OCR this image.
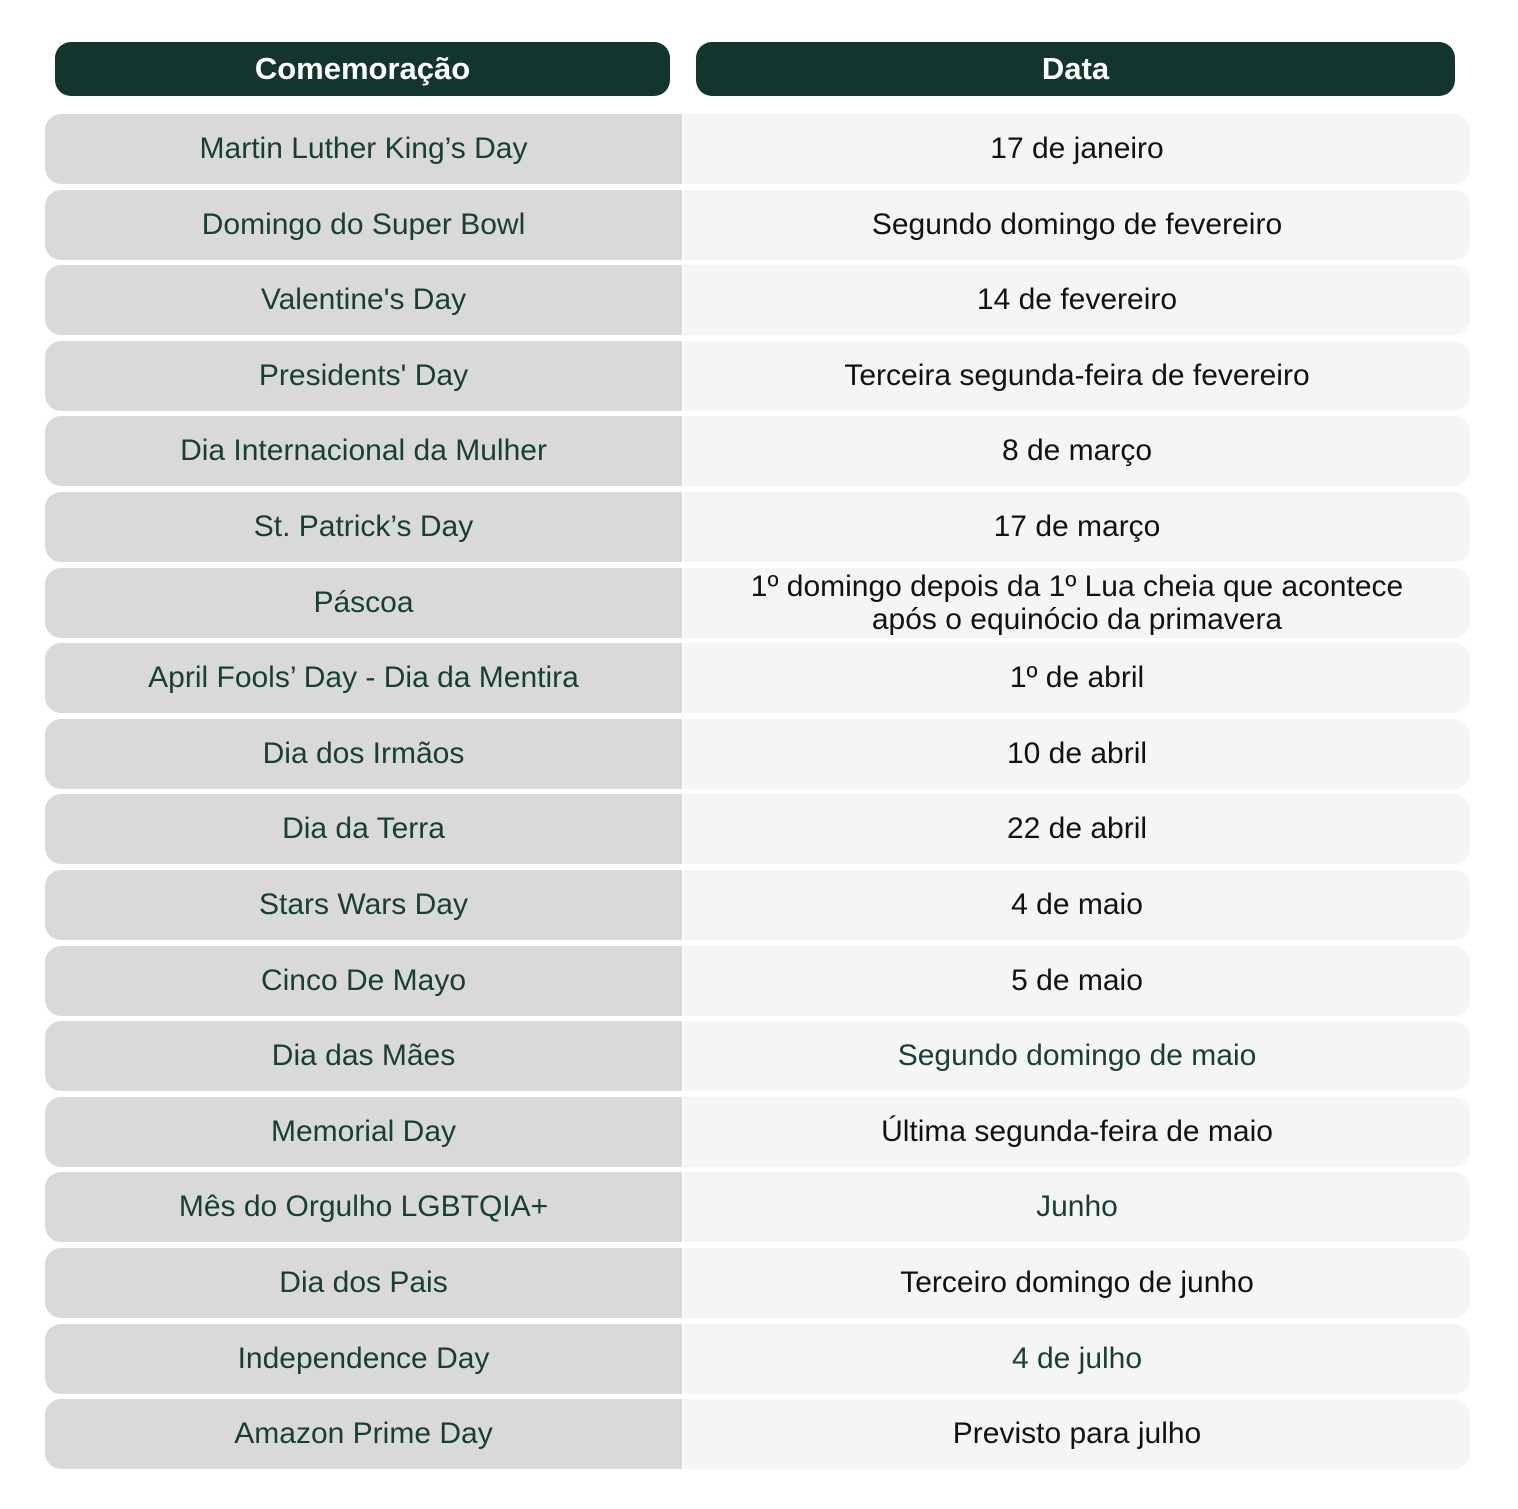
Comemoração	Data
Martin Luther King’s Day	17 de janeiro
Domingo do Super Bowl	Segundo domingo de fevereiro
Valentine's Day	14 de fevereiro
Presidents' Day	Terceira segunda-feira de fevereiro
Dia Internacional da Mulher	8 de março
St. Patrick’s Day	17 de março
Páscoa	1º domingo depois da 1º Lua cheia que acontece após o equinócio da primavera
April Fools’ Day - Dia da Mentira	1º de abril
Dia dos Irmãos	10 de abril
Dia da Terra	22 de abril
Stars Wars Day	4 de maio
Cinco De Mayo	5 de maio
Dia das Mães	Segundo domingo de maio
Memorial Day	Última segunda-feira de maio
Mês do Orgulho LGBTQIA+	Junho
Dia dos Pais	Terceiro domingo de junho
Independence Day	4 de julho
Amazon Prime Day	Previsto para julho
